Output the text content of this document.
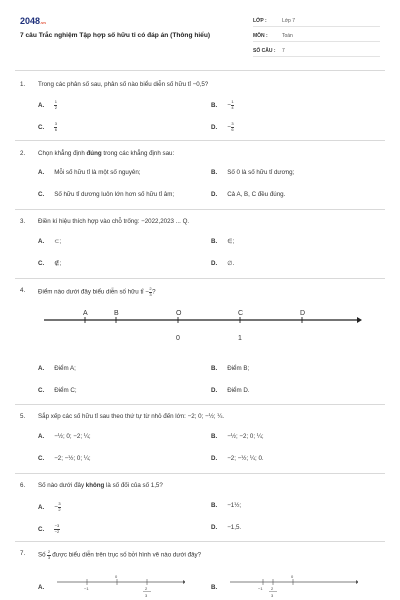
2048.vn
7 câu Trắc nghiệm Tập hợp số hữu tỉ có đáp án (Thông hiểu)
LỚP :	Lớp 7
MÔN :	Toán
SỐ CÂU :	7
1.	Trong các phân số sau, phân số nào biểu diễn số hữu tỉ −0,5?
A.	$\frac{1}{2}$	B. − $\frac{1}{4}$
C.	$\frac{3}{6}$	D. − $\frac{3}{6}$
2.	Chọn khẳng định đúng trong các khẳng định sau:
A. Mỗi số hữu tỉ là một số nguyên;	B. Số 0 là số hữu tỉ dương;
C. Số hữu tỉ dương luôn lớn hơn số hữu tỉ âm;	D. Cả A, B, C đều đúng.
3.	Điền kí hiệu thích hợp vào chỗ trống: −2022,2023 ... Q.
A. ⊂;	B. ∈;
C. ∉;	D. ∅.
4.	Điểm nào dưới đây biểu diễn số hữu tỉ − $\frac{2}{3}$ ?
A	B	O	C	D
0	1
A. Điểm A;	B. Điểm B;
C. Điểm C;	D. Điểm D.
5.	Sắp xếp các số hữu tỉ sau theo thứ tự từ nhỏ đến lớn: −2; 0; −½; ¼.
A. −½; 0; −2; ¼;	B. −½; −2; 0; ¼;
C. −2; −½; 0; ¼;	D. −2; −½; ¼; 0.
6.	Số nào dưới đây không là số đối của số 1,5?
A. − $\frac{3}{2}$	B. −1½;
C.	$\frac{-3}{-2}$	D. −1,5.
7.	Số $\frac{2}{3}$ được biểu diễn trên trục số bởi hình vẽ nào dưới đây?
A.	−1
0
2
3
B.	−1
0
2
3
